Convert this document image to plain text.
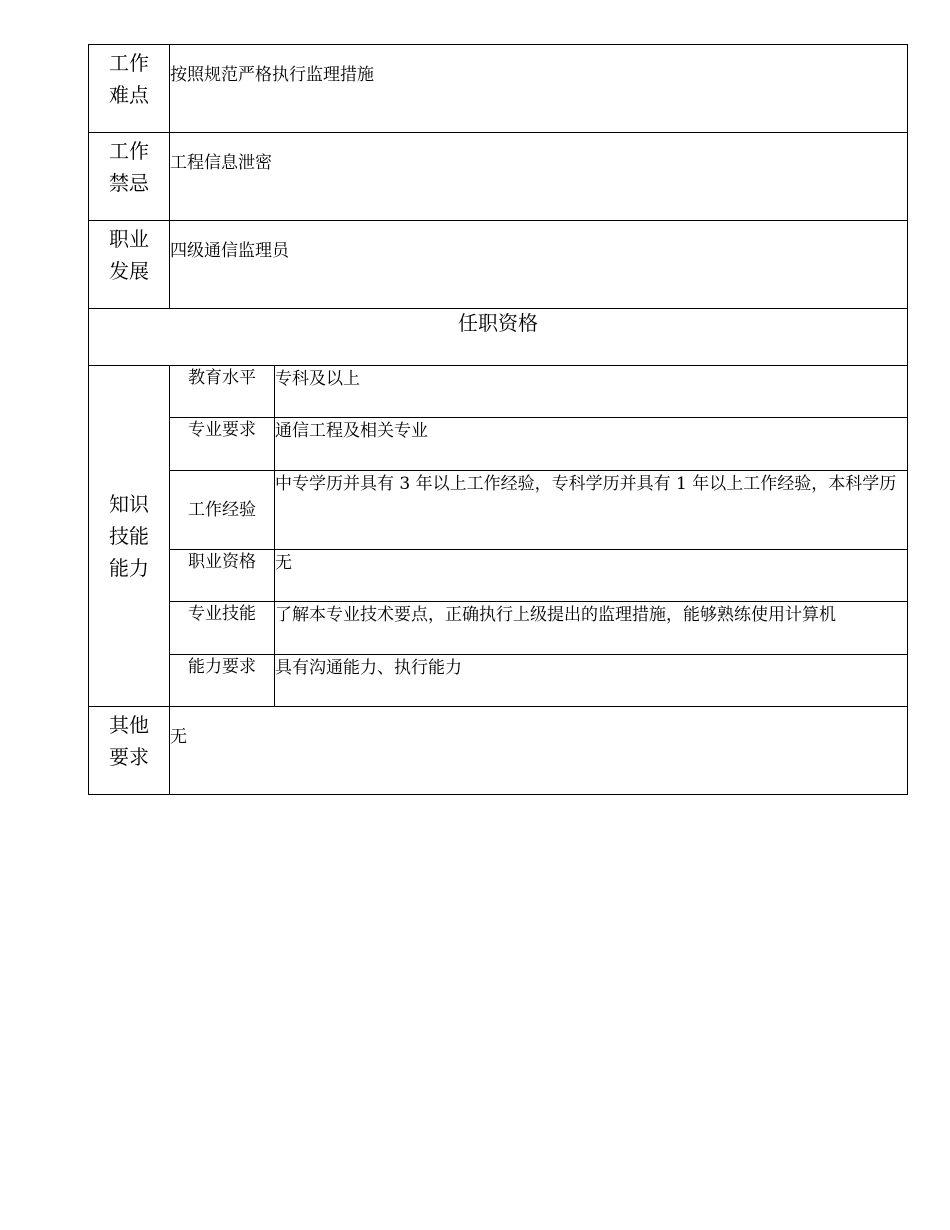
工作难点	按照规范严格执行监理措施	

工作禁忌	工程信息泄密	

职业发展	四级通信监理员	

任职资格		
知识技能能力	教育水平	专科及以上
	专业要求	通信工程及相关专业
	工作经验	中专学历并具有 3 年以上工作经验，专科学历并具有 1 年以上工作经验，本科学历
	职业资格	无
	专业技能	了解本专业技术要点，正确执行上级提出的监理措施，能够熟练使用计算机
	能力要求	具有沟通能力、执行能力
其他要求	无	
